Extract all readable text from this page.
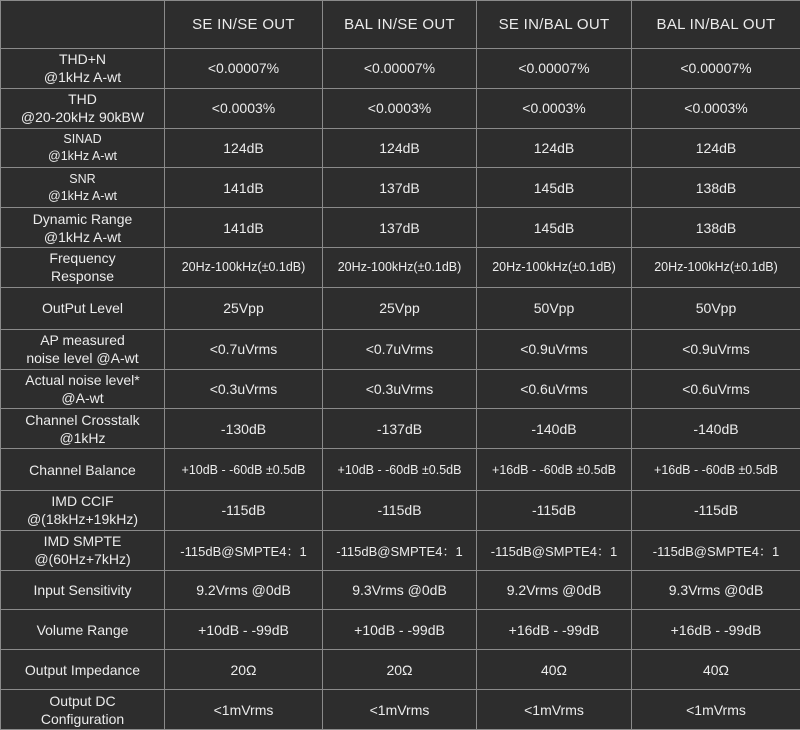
	SE IN/SE OUT	BAL IN/SE OUT	SE IN/BAL OUT	BAL IN/BAL OUT

THD+N
@1kHz A-wt	<0.00007%	<0.00007%	<0.00007%	<0.00007%

THD
@20-20kHz 90kBW	<0.0003%	<0.0003%	<0.0003%	<0.0003%

SINAD
@1kHz A-wt	124dB	124dB	124dB	124dB

SNR
@1kHz A-wt	141dB	137dB	145dB	138dB

Dynamic Range
@1kHz A-wt	141dB	137dB	145dB	138dB

Frequency
Response	20Hz-100kHz(±0.1dB)	20Hz-100kHz(±0.1dB)	20Hz-100kHz(±0.1dB)	20Hz-100kHz(±0.1dB)

OutPut Level	25Vpp	25Vpp	50Vpp	50Vpp

AP measured
noise level @A-wt	<0.7uVrms	<0.7uVrms	<0.9uVrms	<0.9uVrms

Actual noise level*
@A-wt	<0.3uVrms	<0.3uVrms	<0.6uVrms	<0.6uVrms

Channel Crosstalk
@1kHz	-130dB	-137dB	-140dB	-140dB

Channel Balance	+10dB - -60dB ±0.5dB	+10dB - -60dB ±0.5dB	+16dB - -60dB ±0.5dB	+16dB - -60dB ±0.5dB

IMD CCIF
@(18kHz+19kHz)	-115dB	-115dB	-115dB	-115dB

IMD SMPTE
@(60Hz+7kHz)	-115dB@SMPTE4：1	-115dB@SMPTE4：1	-115dB@SMPTE4：1	-115dB@SMPTE4：1

Input Sensitivity	9.2Vrms @0dB	9.3Vrms @0dB	9.2Vrms @0dB	9.3Vrms @0dB

Volume Range	+10dB - -99dB	+10dB - -99dB	+16dB - -99dB	+16dB - -99dB

Output Impedance	20Ω	20Ω	40Ω	40Ω

Output DC
Configuration	<1mVrms	<1mVrms	<1mVrms	<1mVrms
